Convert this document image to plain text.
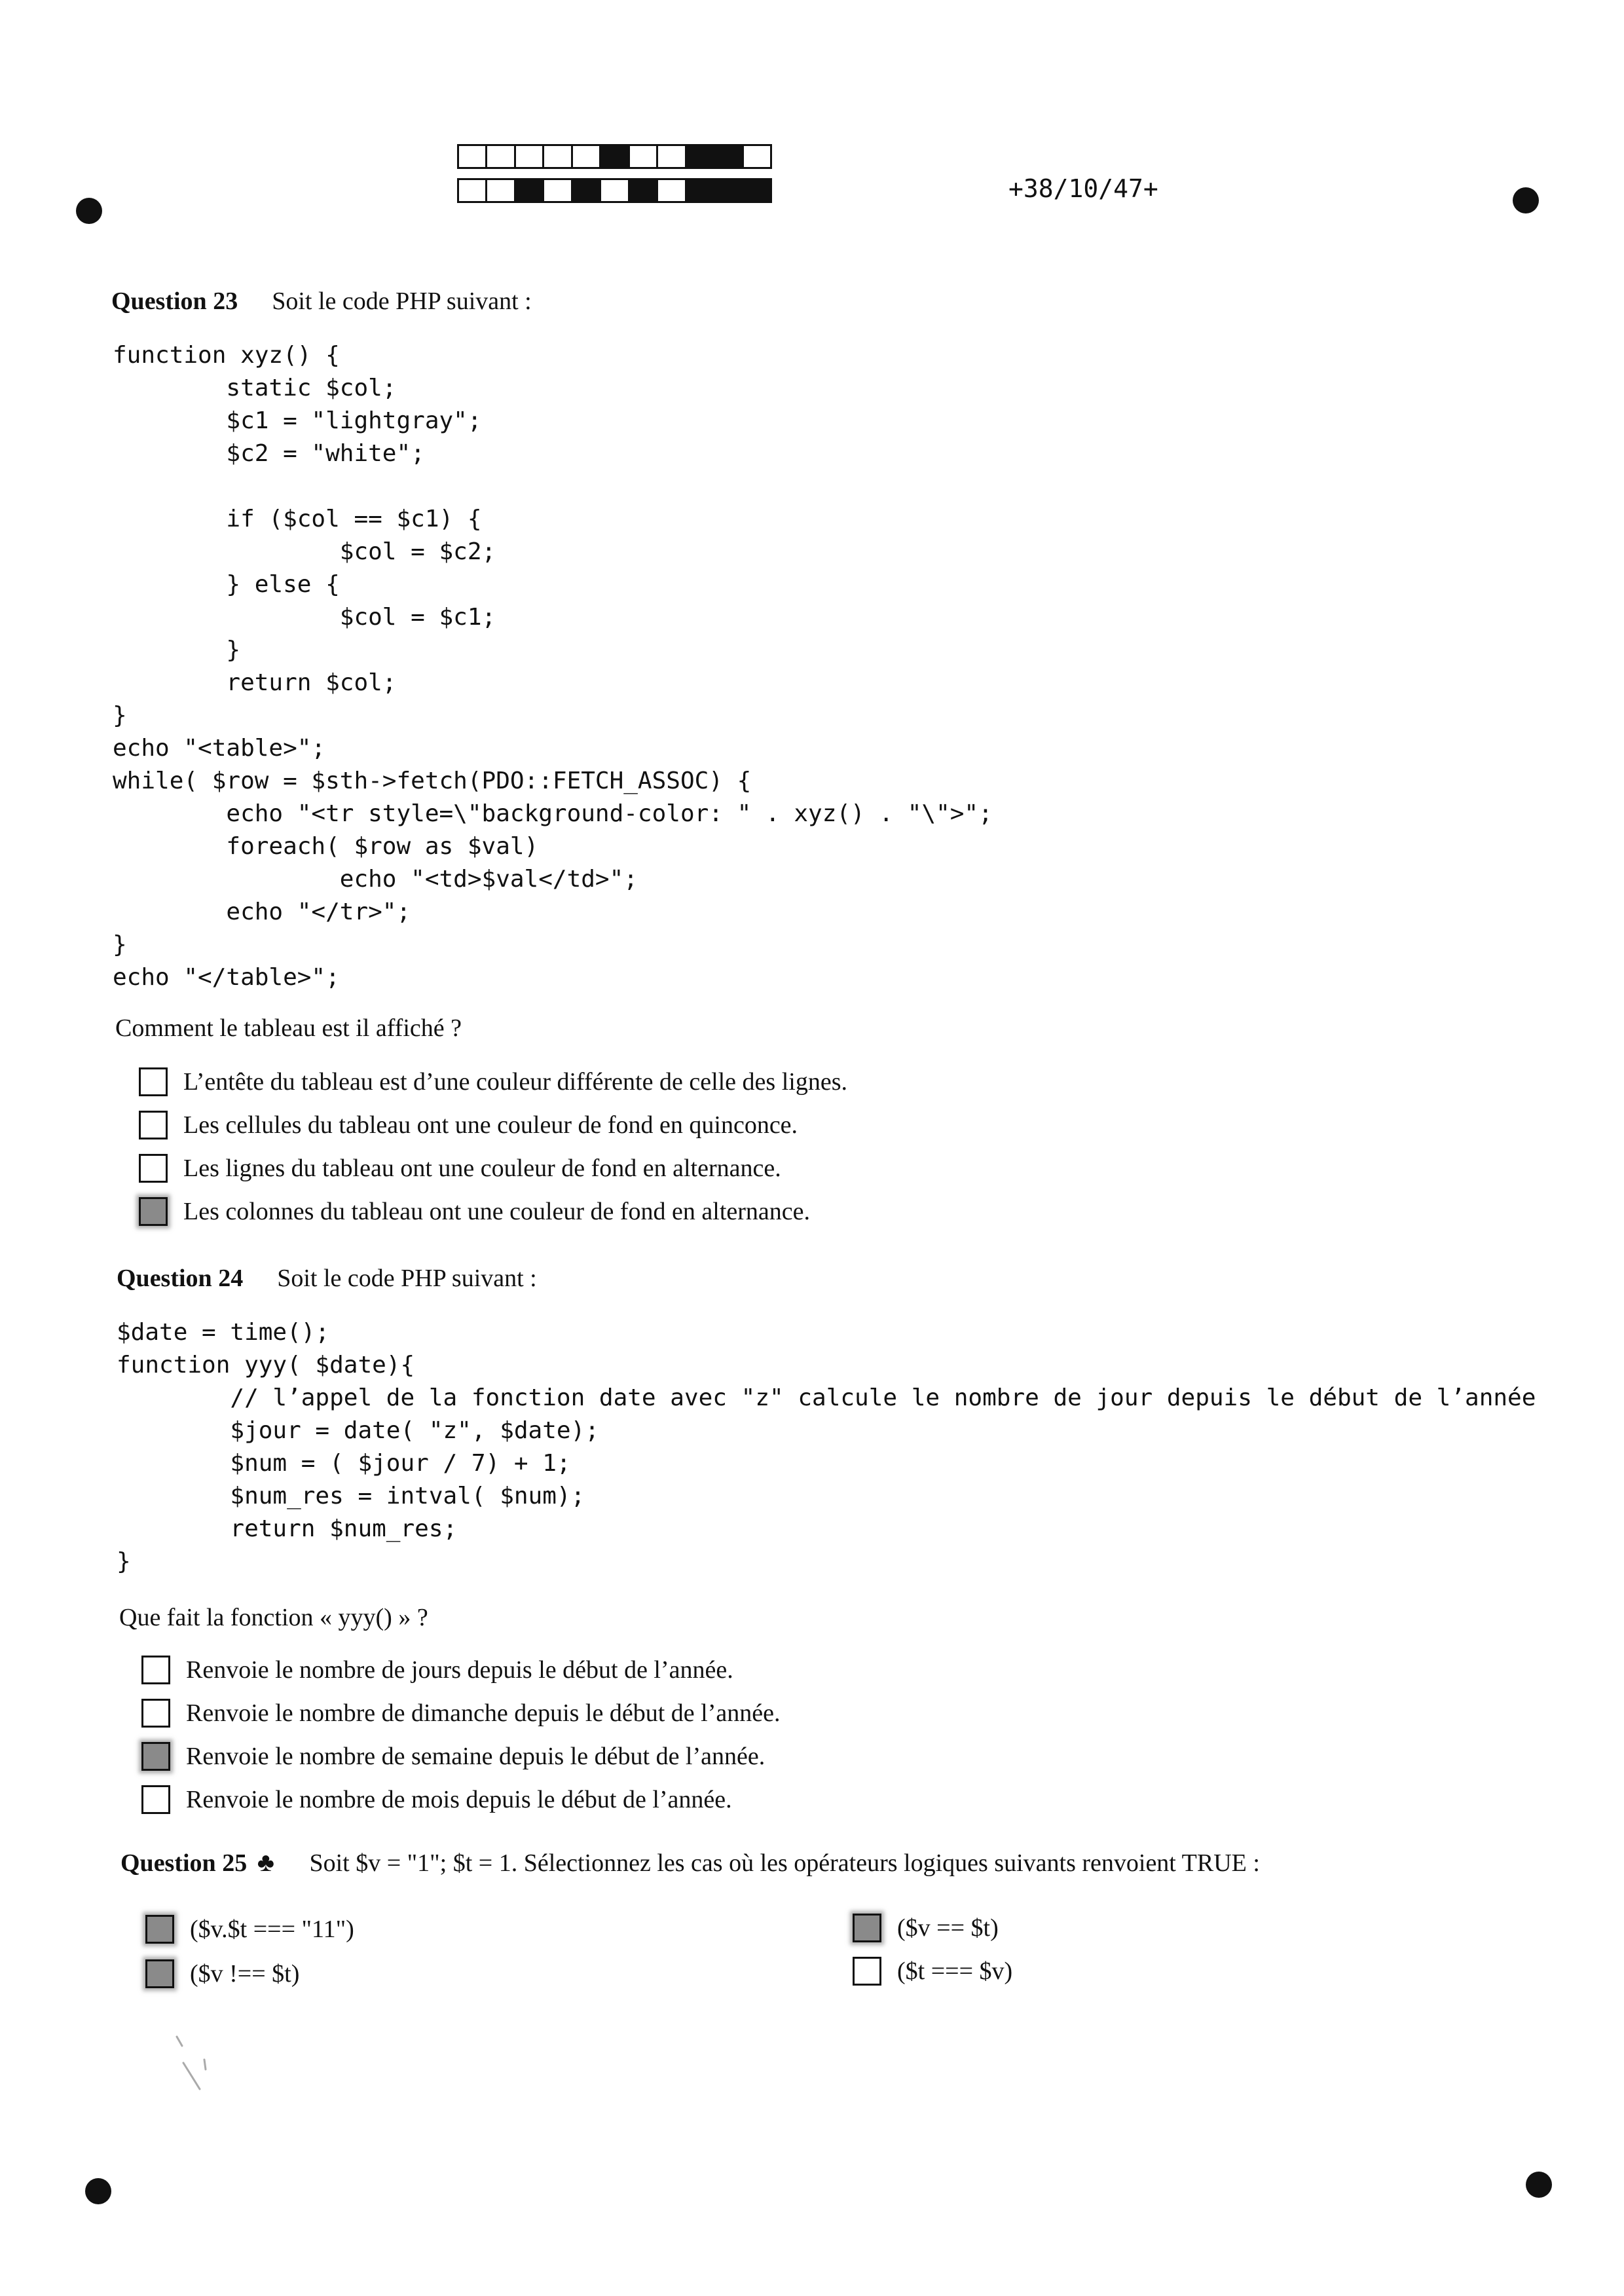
+38/10/47+
Question 23 Soit le code PHP suivant :
function xyz() {
static $col;
$c1 = "lightgray";
$c2 = "white";

if ($col == $c1) {
$col = $c2;
} else {
$col = $c1;
}
return $col;
}
echo "<table>";
while( $row = $sth->fetch(PDO::FETCH_ASSOC) {
echo "<tr style=\"background-color: " . xyz() . "\">";
foreach( $row as $val)
echo "<td>$val</td>";
echo "</tr>";
}
echo "</table>";
Comment le tableau est il affiché ?
L’entête du tableau est d’une couleur différente de celle des lignes.
Les cellules du tableau ont une couleur de fond en quinconce.
Les lignes du tableau ont une couleur de fond en alternance.
Les colonnes du tableau ont une couleur de fond en alternance.
Question 24 Soit le code PHP suivant :
$date = time();
function yyy( $date){
// l’appel de la fonction date avec "z" calcule le nombre de jour depuis le début de l’année
$jour = date( "z", $date);
$num = ( $jour / 7) + 1;
$num_res = intval( $num);
return $num_res;
}
Que fait la fonction « yyy() » ?
Renvoie le nombre de jours depuis le début de l’année.
Renvoie le nombre de dimanche depuis le début de l’année.
Renvoie le nombre de semaine depuis le début de l’année.
Renvoie le nombre de mois depuis le début de l’année.
Question 25 ♣ Soit $v = "1"; $t = 1. Sélectionnez les cas où les opérateurs logiques suivants renvoient TRUE :
($v.$t === "11")
($v !== $t)
($v == $t)
($t === $v)
